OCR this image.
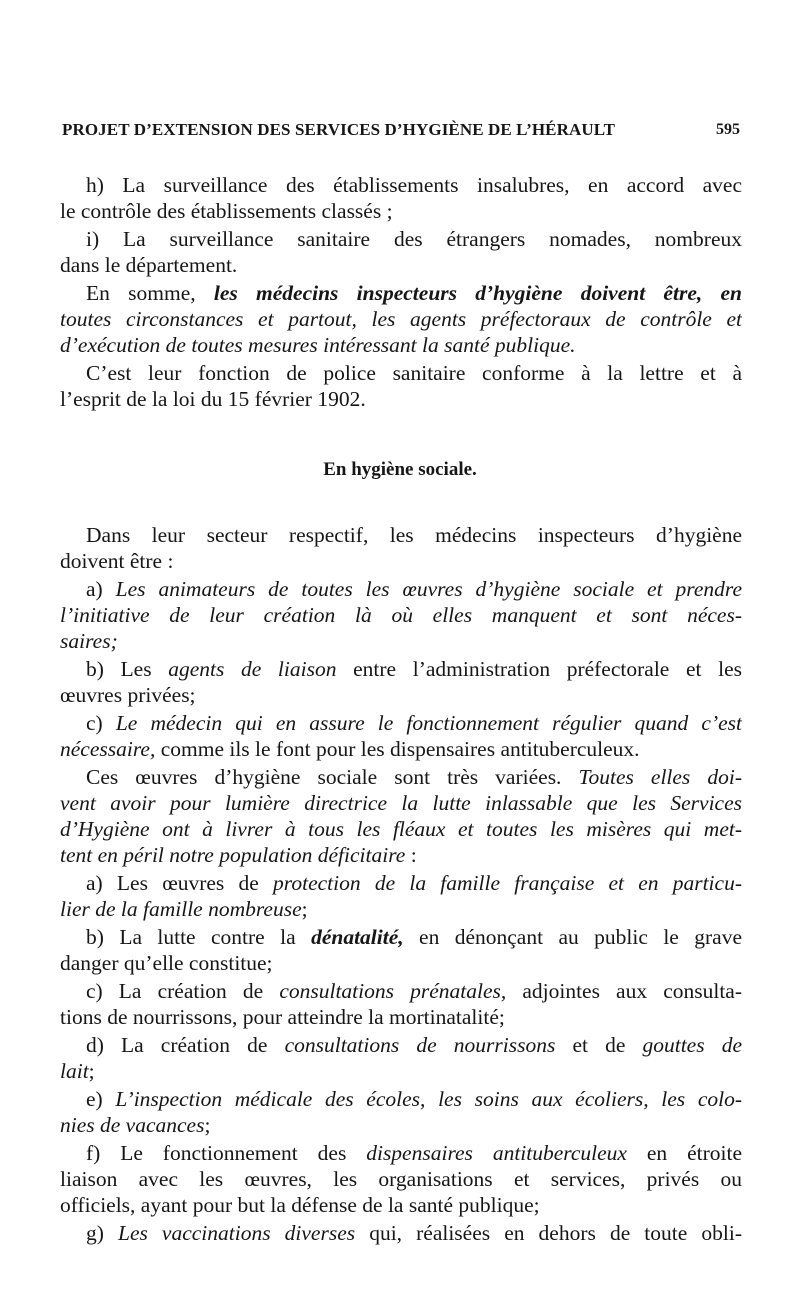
PROJET D’EXTENSION DES SERVICES D’HYGIÈNE DE L’HÉRAULT	595
h) La surveillance des établissements insalubres, en accord avec
le contrôle des établissements classés ;
i) La surveillance sanitaire des étrangers nomades, nombreux
dans le département.
En somme, les médecins inspecteurs d’hygiène doivent être, en
toutes circonstances et partout, les agents préfectoraux de contrôle et
d’exécution de toutes mesures intéressant la santé publique.
C’est leur fonction de police sanitaire conforme à la lettre et à
l’esprit de la loi du 15 février 1902.
En hygiène sociale.
Dans leur secteur respectif, les médecins inspecteurs d’hygiène
doivent être :
a) Les animateurs de toutes les œuvres d’hygiène sociale et prendre
l’initiative de leur création là où elles manquent et sont néces-
saires;
b) Les agents de liaison entre l’administration préfectorale et les
œuvres privées;
c) Le médecin qui en assure le fonctionnement régulier quand c’est
nécessaire, comme ils le font pour les dispensaires antituberculeux.
Ces œuvres d’hygiène sociale sont très variées. Toutes elles doi-
vent avoir pour lumière directrice la lutte inlassable que les Services
d’Hygiène ont à livrer à tous les fléaux et toutes les misères qui met-
tent en péril notre population déficitaire :
a) Les œuvres de protection de la famille française et en particu-
lier de la famille nombreuse;
b) La lutte contre la dénatalité, en dénonçant au public le grave
danger qu’elle constitue;
c) La création de consultations prénatales, adjointes aux consulta-
tions de nourrissons, pour atteindre la mortinatalité;
d) La création de consultations de nourrissons et de gouttes de
lait;
e) L’inspection médicale des écoles, les soins aux écoliers, les colo-
nies de vacances;
f) Le fonctionnement des dispensaires antituberculeux en étroite
liaison avec les œuvres, les organisations et services, privés ou
officiels, ayant pour but la défense de la santé publique;
g) Les vaccinations diverses qui, réalisées en dehors de toute obli-
